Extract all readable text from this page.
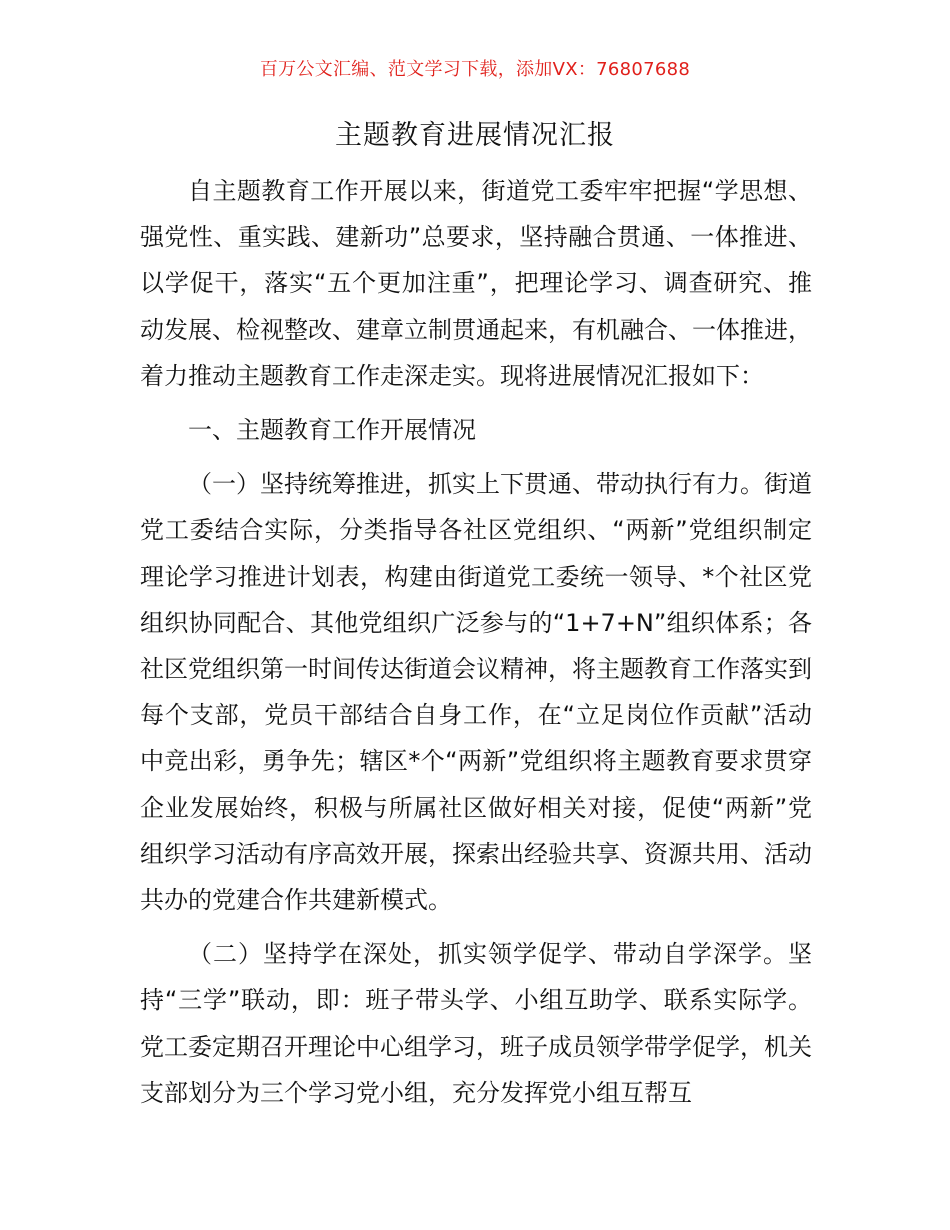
百万公文汇编、范文学习下载，添加VX：76807688
主题教育进展情况汇报

自主题教育工作开展以来，街道党工委牢牢把握“学思想、强党性、重实践、建新功”总要求，坚持融合贯通、一体推进、以学促干，落实“五个更加注重”，把理论学习、调查研究、推动发展、检视整改、建章立制贯通起来，有机融合、一体推进，着力推动主题教育工作走深走实。现将进展情况汇报如下：

一、主题教育工作开展情况

（一）坚持统筹推进，抓实上下贯通、带动执行有力。街道党工委结合实际，分类指导各社区党组织、“两新”党组织制定理论学习推进计划表，构建由街道党工委统一领导、*个社区党组织协同配合、其他党组织广泛参与的“1+7+N”组织体系；各社区党组织第一时间传达街道会议精神，将主题教育工作落实到每个支部，党员干部结合自身工作，在“立足岗位作贡献”活动中竞出彩，勇争先；辖区*个“两新”党组织将主题教育要求贯穿企业发展始终，积极与所属社区做好相关对接，促使“两新”党组织学习活动有序高效开展，探索出经验共享、资源共用、活动共办的党建合作共建新模式。

（二）坚持学在深处，抓实领学促学、带动自学深学。坚持“三学”联动，即：班子带头学、小组互助学、联系实际学。党工委定期召开理论中心组学习，班子成员领学带学促学，机关支部划分为三个学习党小组，充分发挥党小组互帮互
